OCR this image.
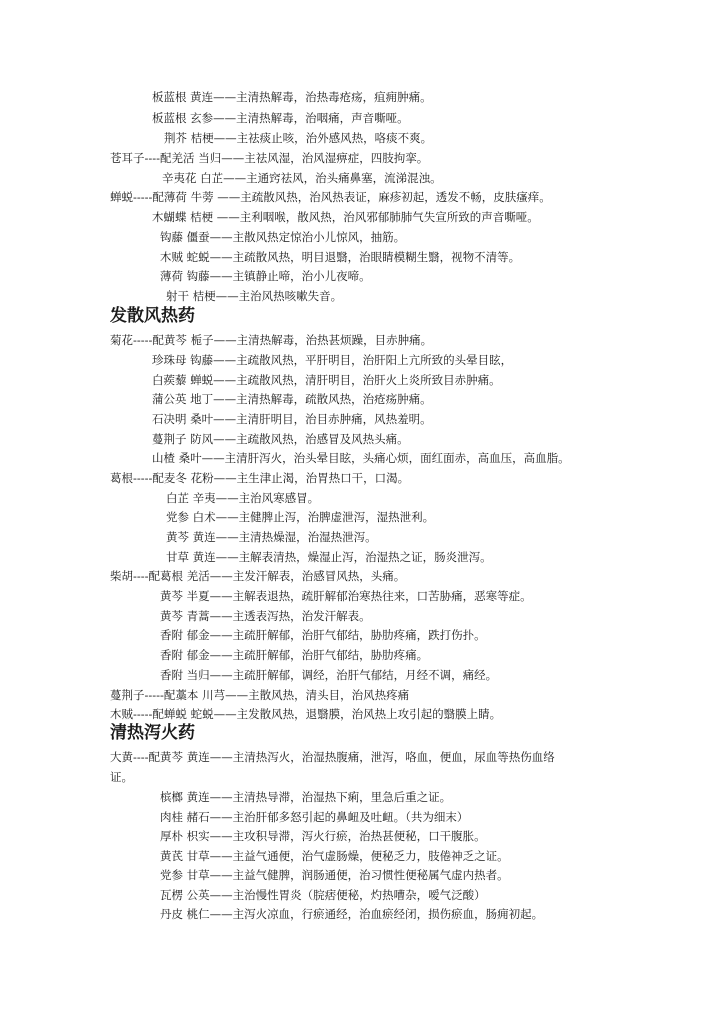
板蓝根 黄连——主清热解毒，治热毒疮疡，疽痈肿痛。
板蓝根 玄参——主清热解毒，治咽痛，声音嘶哑。
荆芥 桔梗——主祛痰止咳，治外感风热，咯痰不爽。
苍耳子----配羌活 当归——主祛风湿，治风湿痹症，四肢拘挛。
辛夷花 白芷——主通窍祛风，治头痛鼻塞，流涕混浊。
蝉蜕-----配薄荷 牛蒡 ——主疏散风热，治风热表证，麻疹初起，透发不畅，皮肤瘙痒。
木蝴蝶 桔梗 ——主利咽喉，散风热，治风邪郁肺肺气失宣所致的声音嘶哑。
钩藤 僵蚕——主散风热定惊治小儿惊风，抽筋。
木贼 蛇蜕——主疏散风热，明目退翳，治眼睛模糊生翳，视物不清等。
薄荷 钩藤——主镇静止啼，治小儿夜啼。
射干 桔梗——主治风热咳嗽失音。
发散风热药
菊花-----配黄芩 栀子——主清热解毒，治热甚烦躁，目赤肿痛。
珍珠母 钩藤——主疏散风热，平肝明目，治肝阳上亢所致的头晕目眩，
白蒺藜 蝉蜕——主疏散风热，清肝明目，治肝火上炎所致目赤肿痛。
蒲公英 地丁——主清热解毒，疏散风热，治疮疡肿痛。
石决明 桑叶——主清肝明目，治目赤肿痛，风热羞明。
蔓荆子 防风——主疏散风热，治感冒及风热头痛。
山楂 桑叶——主清肝泻火，治头晕目眩，头痛心烦，面红面赤，高血压，高血脂。
葛根-----配麦冬 花粉——主生津止渴，治胃热口干，口渴。
白芷 辛夷——主治风寒感冒。
党参 白术——主健脾止泻，治脾虚泄泻，湿热泄利。
黄芩 黄连——主清热燥湿，治湿热泄泻。
甘草 黄连——主解表清热，燥湿止泻，治湿热之证，肠炎泄泻。
柴胡----配葛根 羌活——主发汗解表，治感冒风热，头痛。
黄芩 半夏——主解表退热，疏肝解郁治寒热往来，口苦胁痛，恶寒等症。
黄芩 青蒿——主透表泻热，治发汗解表。
香附 郁金——主疏肝解郁，治肝气郁结，胁肋疼痛，跌打伤扑。
香附 郁金——主疏肝解郁，治肝气郁结，胁肋疼痛。
香附 当归——主疏肝解郁，调经，治肝气郁结，月经不调，痛经。
蔓荆子-----配藁本 川芎——主散风热，清头目，治风热疼痛
木贼-----配蝉蜕 蛇蜕——主发散风热，退翳膜，治风热上攻引起的翳膜上睛。
清热泻火药
大黄----配黄芩 黄连——主清热泻火，治湿热腹痛，泄泻，咯血，便血，尿血等热伤血络
证。
槟榔 黄连——主清热导滞，治湿热下痢，里急后重之证。
肉桂 赭石——主治肝郁多怒引起的鼻衄及吐衄。（共为细末）
厚朴 枳实——主攻积导滞，泻火行瘀，治热甚便秘，口干腹胀。
黄芪 甘草——主益气通便，治气虚肠燥，便秘乏力，肢倦神乏之证。
党参 甘草——主益气健脾，润肠通便，治习惯性便秘属气虚内热者。
瓦楞 公英——主治慢性胃炎（脘痞便秘，灼热嘈杂，嗳气泛酸）
丹皮 桃仁——主泻火凉血，行瘀通经，治血瘀经闭，损伤瘀血，肠痈初起。
